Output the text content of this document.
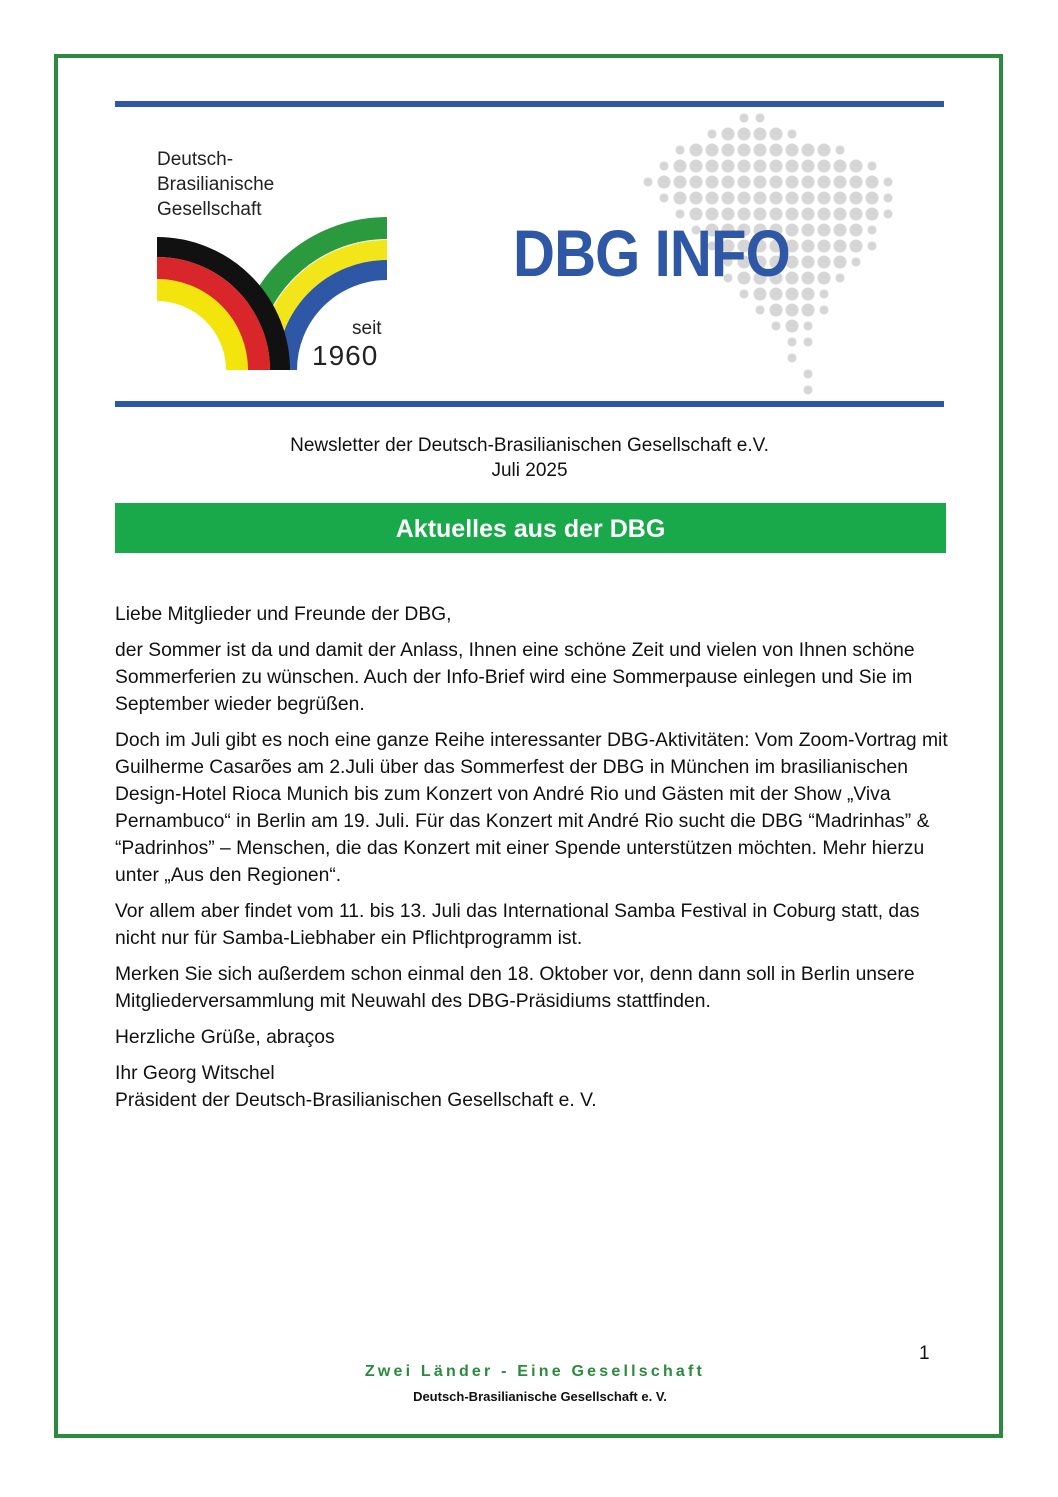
Deutsch-
Brasilianische
Gesellschaft
seit
1960
DBG INFO
Newsletter der Deutsch-Brasilianischen Gesellschaft e.V.
Juli 2025
Aktuelles aus der DBG

Liebe Mitglieder und Freunde der DBG,

der Sommer ist da und damit der Anlass, Ihnen eine schöne Zeit und vielen von Ihnen schöne Sommerferien zu wünschen. Auch der Info-Brief wird eine Sommerpause einlegen und Sie im September wieder begrüßen.

Doch im Juli gibt es noch eine ganze Reihe interessanter DBG-Aktivitäten: Vom Zoom-Vortrag mit Guilherme Casarões am 2.Juli über das Sommerfest der DBG in München im brasilianischen Design-Hotel Rioca Munich bis zum Konzert von André Rio und Gästen mit der Show „Viva Pernambuco“ in Berlin am 19. Juli. Für das Konzert mit André Rio sucht die DBG “Madrinhas” & “Padrinhos” – Menschen, die das Konzert mit einer Spende unterstützen möchten. Mehr hierzu unter „Aus den Regionen“.

Vor allem aber findet vom 11. bis 13. Juli das International Samba Festival in Coburg statt, das nicht nur für Samba-Liebhaber ein Pflichtprogramm ist.

Merken Sie sich außerdem schon einmal den 18. Oktober vor, denn dann soll in Berlin unsere Mitgliederversammlung mit Neuwahl des DBG-Präsidiums stattfinden.

Herzliche Grüße, abraços

Ihr Georg Witschel
Präsident der Deutsch-Brasilianischen Gesellschaft e. V.

1
Zwei Länder - Eine Gesellschaft
Deutsch-Brasilianische Gesellschaft e. V.
